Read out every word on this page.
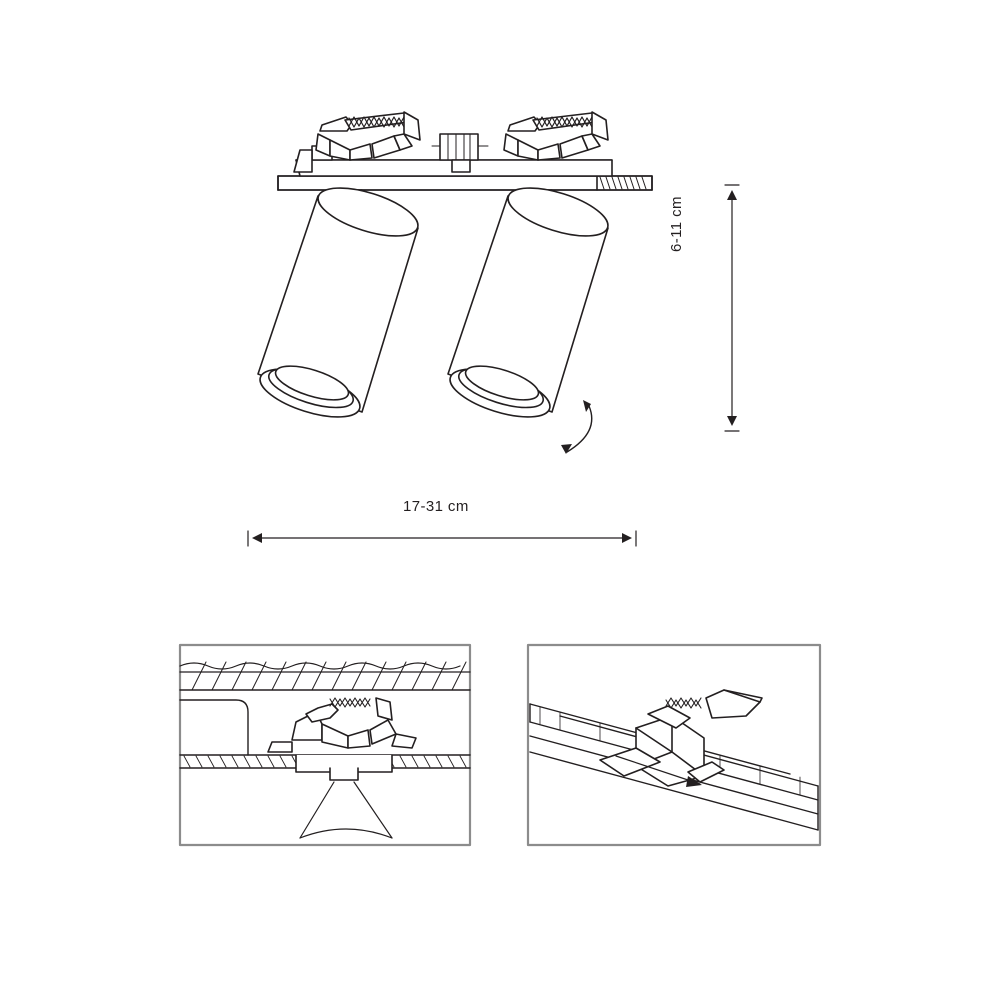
17-31 cm
6-11 cm
